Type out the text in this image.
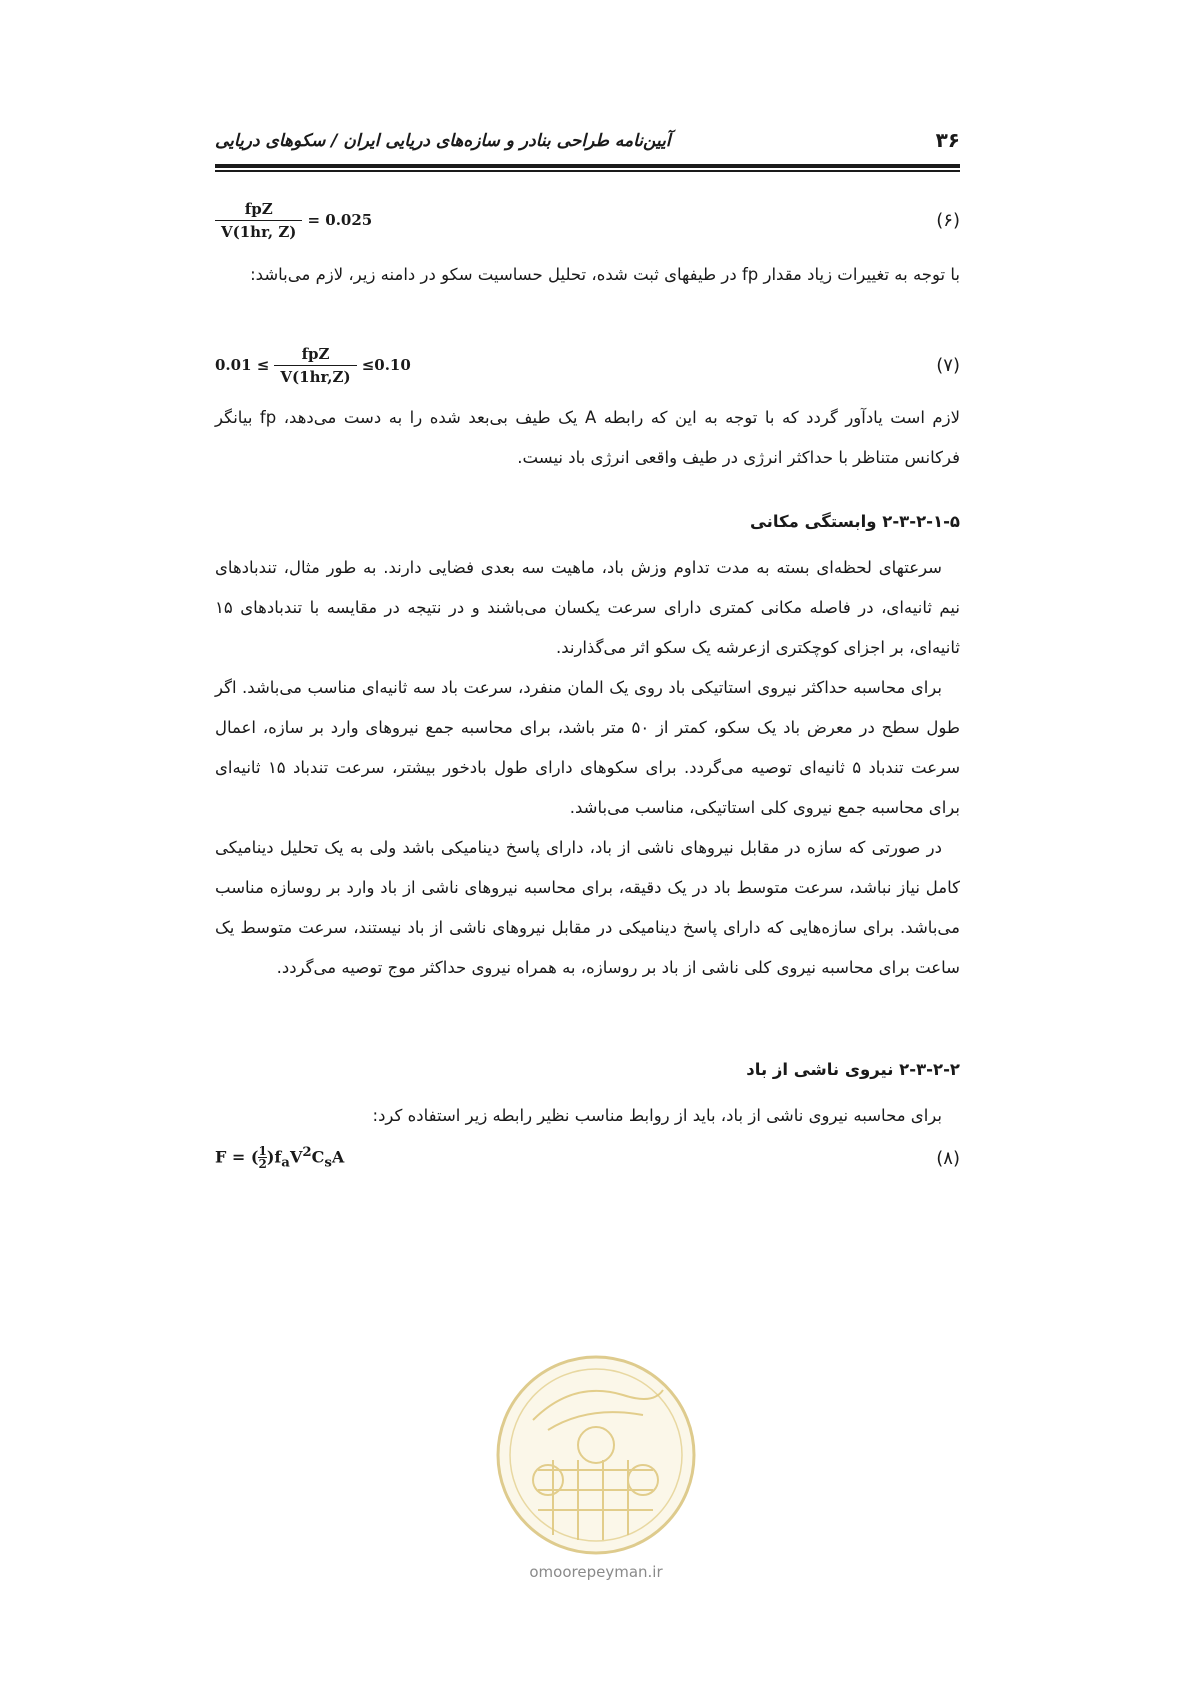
۳۶
آیین‌نامه طراحی بنادر و سازه‌های دریایی ایران / سکوهای دریایی
$\frac{\text{fpZ}}{V(1hr, Z)} = 0.025$	(۶)

با توجه به تغییرات زیاد مقدار fp در طیفهای ثبت شده، تحلیل حساسیت سکو در دامنه زیر، لازم می‌باشد:

$0.01 \le \frac{\text{fpZ}}{V(1hr,Z)} \le 0.10$	(۷)

لازم است یادآور گردد که با توجه به این که رابطه A یک طیف بی‌بعد شده را به دست می‌دهد، fp بیانگر فرکانس متناظر با حداکثر انرژی در طیف واقعی انرژی باد نیست.

۲-۳-۲-۱-۵ وابستگی مکانی

سرعتهای لحظه‌ای بسته به مدت تداوم وزش باد، ماهیت سه بعدی فضایی دارند. به طور مثال، تندبادهای نیم ثانیه‌ای، در فاصله مکانی کمتری دارای سرعت یکسان می‌باشند و در نتیجه در مقایسه با تندبادهای ۱۵ ثانیه‌ای، بر اجزای کوچکتری ازعرشه یک سکو اثر می‌گذارند.

برای محاسبه حداکثر نیروی استاتیکی باد روی یک المان منفرد، سرعت باد سه ثانیه‌ای مناسب می‌باشد. اگر طول سطح در معرض باد یک سکو، کمتر از ۵۰ متر باشد، برای محاسبه جمع نیروهای وارد بر سازه، اعمال سرعت تندباد ۵ ثانیه‌ای توصیه می‌گردد. برای سکوهای دارای طول بادخور بیشتر، سرعت تندباد ۱۵ ثانیه‌ای برای محاسبه جمع نیروی کلی استاتیکی، مناسب می‌باشد.

در صورتی که سازه در مقابل نیروهای ناشی از باد، دارای پاسخ دینامیکی باشد ولی به یک تحلیل دینامیکی کامل نیاز نباشد، سرعت متوسط باد در یک دقیقه، برای محاسبه نیروهای ناشی از باد وارد بر روسازه مناسب می‌باشد. برای سازه‌هایی که دارای پاسخ دینامیکی در مقابل نیروهای ناشی از باد نیستند، سرعت متوسط یک ساعت برای محاسبه نیروی کلی ناشی از باد بر روسازه، به همراه نیروی حداکثر موج توصیه می‌گردد.

۲-۳-۲-۲ نیروی ناشی از باد

برای محاسبه نیروی ناشی از باد، باید از روابط مناسب نظیر رابطه زیر استفاده کرد:

F = ( $\frac{1}{2} )f_aV^2C_sA$	(۸)
omoorepeyman.ir
